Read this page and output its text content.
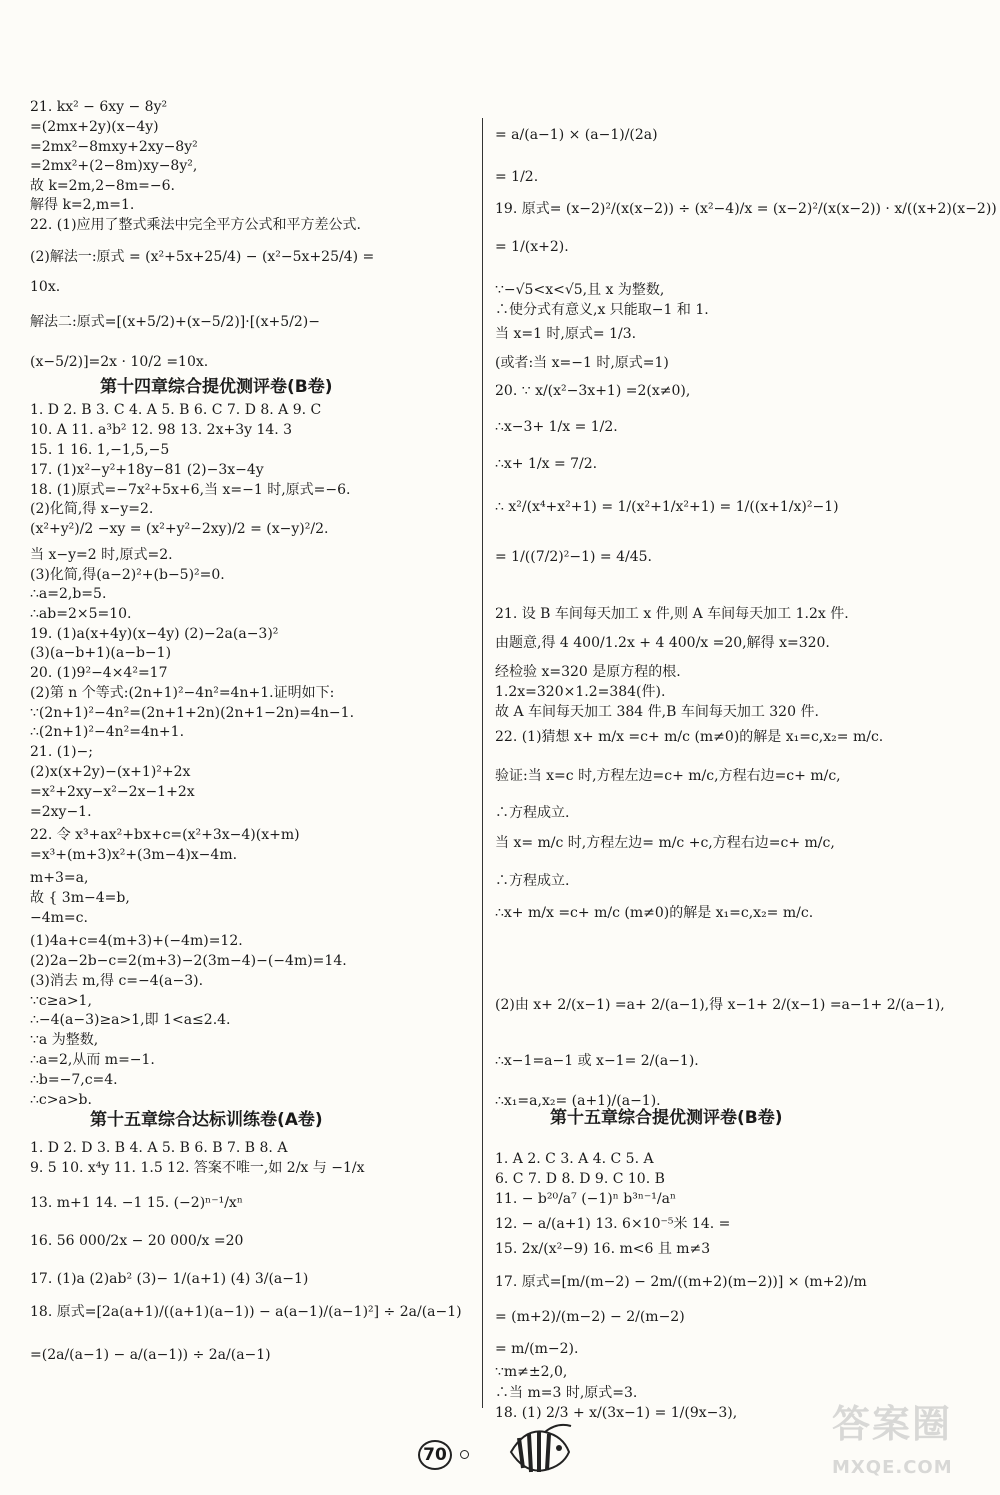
21. kx² − 6xy − 8y²
=(2mx+2y)(x−4y)
=2mx²−8mxy+2xy−8y²
=2mx²+(2−8m)xy−8y²,
故 k=2m,2−8m=−6.
解得 k=2,m=1.
22. (1)应用了整式乘法中完全平方公式和平方差公式.
(2)解法一:原式 = (x²+5x+25/4) − (x²−5x+25/4) =
10x.
解法二:原式=[(x+5/2)+(x−5/2)]·[(x+5/2)−
(x−5/2)]=2x · 10/2 =10x.
1. D 2. B 3. C 4. A 5. B 6. C 7. D 8. A 9. C
10. A 11. a³b² 12. 98 13. 2x+3y 14. 3
15. 1 16. 1,−1,5,−5
17. (1)x²−y²+18y−81 (2)−3x−4y
18. (1)原式=−7x²+5x+6,当 x=−1 时,原式=−6.
(2)化简,得 x−y=2.
(x²+y²)/2 −xy = (x²+y²−2xy)/2 = (x−y)²/2.
当 x−y=2 时,原式=2.
(3)化简,得(a−2)²+(b−5)²=0.
∴a=2,b=5.
∴ab=2×5=10.
19. (1)a(x+4y)(x−4y) (2)−2a(a−3)²
(3)(a−b+1)(a−b−1)
20. (1)9²−4×4²=17
(2)第 n 个等式:(2n+1)²−4n²=4n+1.证明如下:
∵(2n+1)²−4n²=(2n+1+2n)(2n+1−2n)=4n−1.
∴(2n+1)²−4n²=4n+1.
21. (1)−;
(2)x(x+2y)−(x+1)²+2x
=x²+2xy−x²−2x−1+2x
=2xy−1.
22. 令 x³+ax²+bx+c=(x²+3x−4)(x+m)
=x³+(m+3)x²+(3m−4)x−4m.
m+3=a,
故 { 3m−4=b,
−4m=c.
(1)4a+c=4(m+3)+(−4m)=12.
(2)2a−2b−c=2(m+3)−2(3m−4)−(−4m)=14.
(3)消去 m,得 c=−4(a−3).
∵c≥a>1,
∴−4(a−3)≥a>1,即 1<a≤2.4.
∵a 为整数,
∴a=2,从而 m=−1.
∴b=−7,c=4.
∴c>a>b.
1. D 2. D 3. B 4. A 5. B 6. B 7. B 8. A
9. 5 10. x⁴y 11. 1.5 12. 答案不唯一,如 2/x 与 −1/x
13. m+1 14. −1 15. (−2)ⁿ⁻¹/xⁿ
16. 56 000/2x − 20 000/x =20
17. (1)a (2)ab² (3)− 1/(a+1) (4) 3/(a−1)
18. 原式=[2a(a+1)/((a+1)(a−1)) − a(a−1)/(a−1)²] ÷ 2a/(a−1)
=(2a/(a−1) − a/(a−1)) ÷ 2a/(a−1)
第十四章综合提优测评卷(B卷)
第十五章综合达标训练卷(A卷)
= a/(a−1) × (a−1)/(2a)
= 1/2.
19. 原式= (x−2)²/(x(x−2)) ÷ (x²−4)/x = (x−2)²/(x(x−2)) · x/((x+2)(x−2))
= 1/(x+2).
∵−√5<x<√5,且 x 为整数,
∴使分式有意义,x 只能取−1 和 1.
当 x=1 时,原式= 1/3.
(或者:当 x=−1 时,原式=1)
20. ∵ x/(x²−3x+1) =2(x≠0),
∴x−3+ 1/x = 1/2.
∴x+ 1/x = 7/2.
∴ x²/(x⁴+x²+1) = 1/(x²+1/x²+1) = 1/((x+1/x)²−1)
= 1/((7/2)²−1) = 4/45.
21. 设 B 车间每天加工 x 件,则 A 车间每天加工 1.2x 件.
由题意,得 4 400/1.2x + 4 400/x =20,解得 x=320.
经检验 x=320 是原方程的根.
1.2x=320×1.2=384(件).
故 A 车间每天加工 384 件,B 车间每天加工 320 件.
22. (1)猜想 x+ m/x =c+ m/c (m≠0)的解是 x₁=c,x₂= m/c.
验证:当 x=c 时,方程左边=c+ m/c,方程右边=c+ m/c,
∴方程成立.
当 x= m/c 时,方程左边= m/c +c,方程右边=c+ m/c,
∴方程成立.
∴x+ m/x =c+ m/c (m≠0)的解是 x₁=c,x₂= m/c.
(2)由 x+ 2/(x−1) =a+ 2/(a−1),得 x−1+ 2/(x−1) =a−1+ 2/(a−1),
∴x−1=a−1 或 x−1= 2/(a−1).
∴x₁=a,x₂= (a+1)/(a−1).
1. A 2. C 3. A 4. C 5. A
6. C 7. D 8. D 9. C 10. B
11. − b²⁰/a⁷ (−1)ⁿ b³ⁿ⁻¹/aⁿ
12. − a/(a+1) 13. 6×10⁻⁵米 14. =
15. 2x/(x²−9) 16. m<6 且 m≠3
17. 原式=[m/(m−2) − 2m/((m+2)(m−2))] × (m+2)/m
= (m+2)/(m−2) − 2/(m−2)
= m/(m−2).
∵m≠±2,0,
∴当 m=3 时,原式=3.
18. (1) 2/3 + x/(3x−1) = 1/(9x−3),
第十五章综合提优测评卷(B卷)
70
答案圈
MXQE.COM
